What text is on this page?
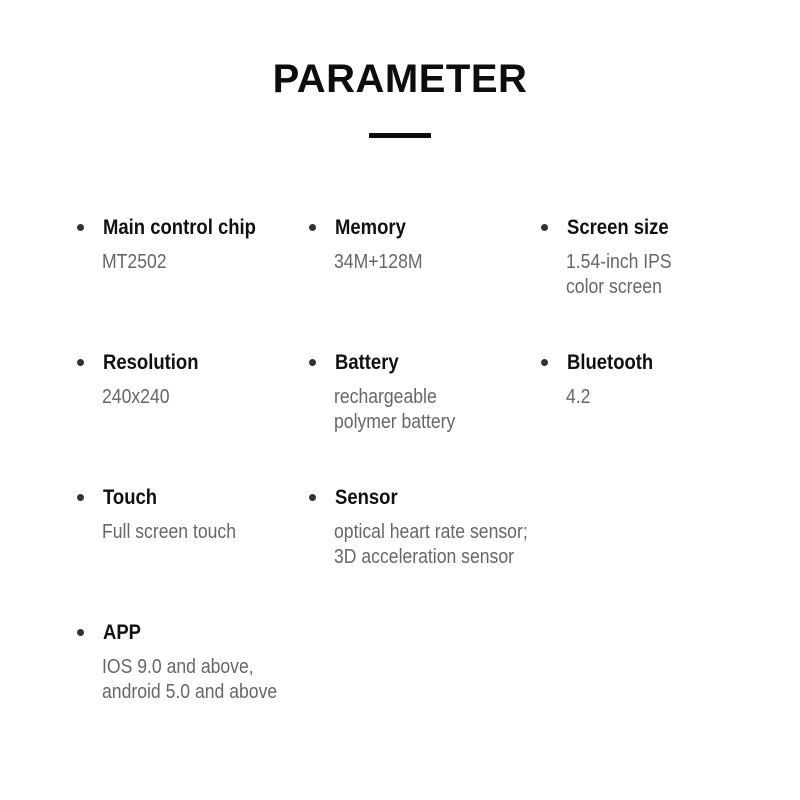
PARAMETER
Main control chip
MT2502
Memory
34M+128M
Screen size
1.54-inch IPS
color screen
Resolution
240x240
Battery
rechargeable
polymer battery
Bluetooth
4.2
Touch
Full screen touch
Sensor
optical heart rate sensor;
3D acceleration sensor
APP
IOS 9.0 and above,
android 5.0 and above
